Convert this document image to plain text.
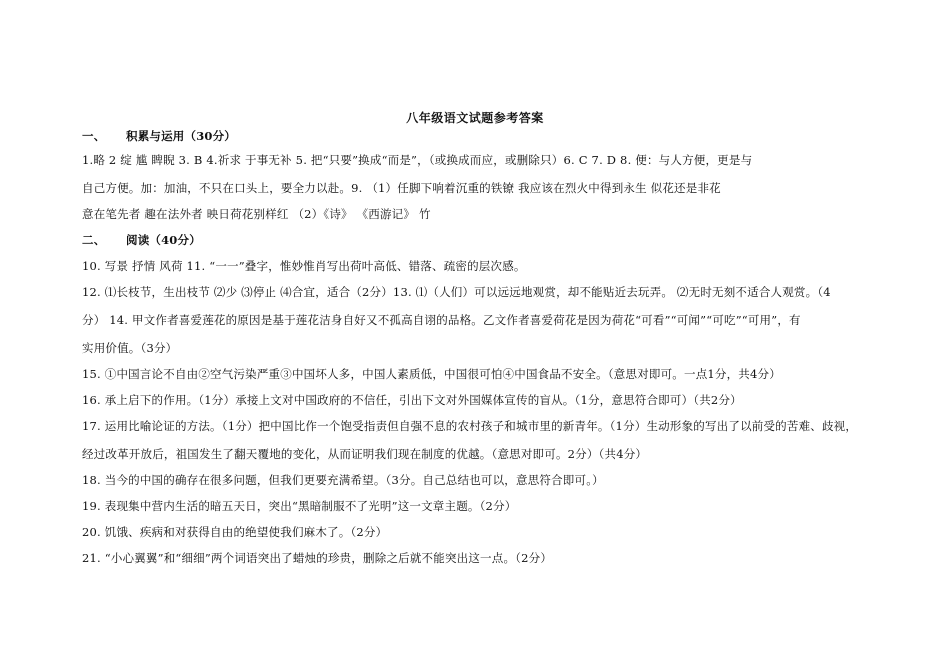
八年级语文试题参考答案
一、 积累与运用（30分）
1.略 2 绽 尴 睥睨 3. B 4.祈求 于事无补 5. 把“只要”换成“而是”，（或换成而应，或删除只）6. C 7. D 8. 便：与人方便，更是与
自己方便。加：加油，不只在口头上，要全力以赴。9. （1）任脚下响着沉重的铁镣 我应该在烈火中得到永生 似花还是非花
意在笔先者 趣在法外者 映日荷花别样红 （2）《诗》 《西游记》 竹
二、 阅读（40分）
10. 写景 抒情 风荷 11. “一一”叠字，惟妙惟肖写出荷叶高低、错落、疏密的层次感。
12. ⑴长枝节，生出枝节 ⑵少 ⑶停止 ⑷合宜，适合（2分）13. ⑴（人们）可以远远地观赏，却不能贴近去玩弄。 ⑵无时无刻不适合人观赏。（4
分） 14. 甲文作者喜爱莲花的原因是基于莲花洁身自好又不孤高自诩的品格。乙文作者喜爱荷花是因为荷花“可看”“可闻”“可吃”“可用”，有
实用价值。（3分）
15. ①中国言论不自由②空气污染严重③中国坏人多，中国人素质低，中国很可怕④中国食品不安全。（意思对即可。一点1分，共4分）
16. 承上启下的作用。（1分）承接上文对中国政府的不信任，引出下文对外国媒体宣传的盲从。（1分，意思符合即可）（共2分）
17. 运用比喻论证的方法。（1分）把中国比作一个饱受指责但自强不息的农村孩子和城市里的新青年。（1分）生动形象的写出了以前受的苦难、歧视，
经过改革开放后，祖国发生了翻天覆地的变化，从而证明我们现在制度的优越。（意思对即可。2分）（共4分）
18. 当今的中国的确存在很多问题，但我们更要充满希望。（3分。自己总结也可以，意思符合即可。）
19. 表现集中营内生活的暗五天日，突出“黑暗制服不了光明”这一文章主题。（2分）
20. 饥饿、疾病和对获得自由的绝望使我们麻木了。（2分）
21. “小心翼翼”和“细细”两个词语突出了蜡烛的珍贵，删除之后就不能突出这一点。（2分）
